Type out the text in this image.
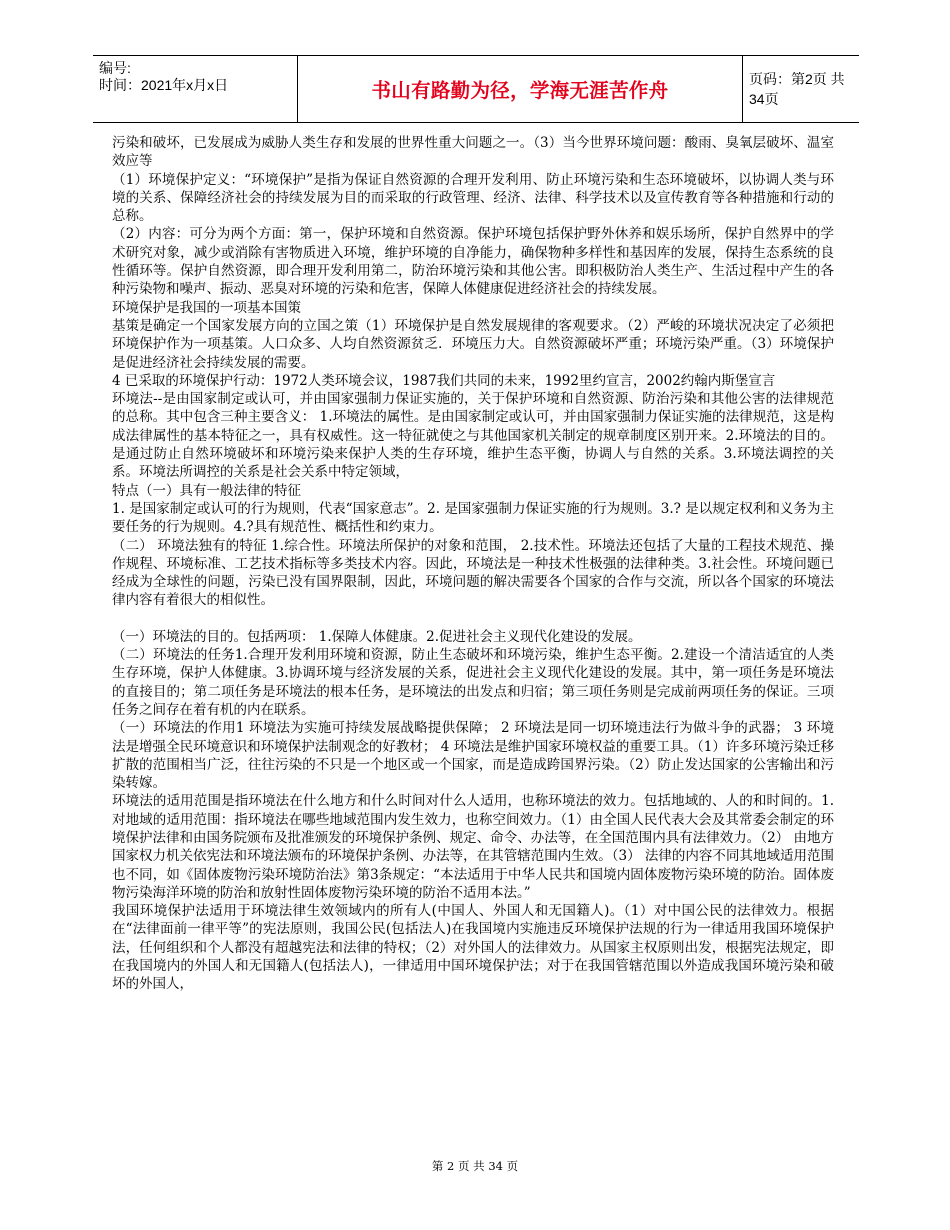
编号:
时间：2021年x月x日	书山有路勤为径，学海无涯苦作舟	页码：第2页 共34页

污染和破坏，已发展成为威胁人类生存和发展的世界性重大问题之一。（3）当今世界环境问题：酸雨、臭氧层破坏、温室效应等

（1）环境保护定义：“环境保护”是指为保证自然资源的合理开发利用、防止环境污染和生态环境破坏，以协调人类与环境的关系、保障经济社会的持续发展为目的而采取的行政管理、经济、法律、科学技术以及宣传教育等各种措施和行动的总称。

（2）内容：可分为两个方面：第一，保护环境和自然资源。保护环境包括保护野外休养和娱乐场所，保护自然界中的学术研究对象，减少或消除有害物质进入环境，维护环境的自净能力，确保物种多样性和基因库的发展，保持生态系统的良性循环等。保护自然资源，即合理开发利用第二，防治环境污染和其他公害。即积极防治人类生产、生活过程中产生的各种污染物和噪声、振动、恶臭对环境的污染和危害，保障人体健康促进经济社会的持续发展。

环境保护是我国的一项基本国策

基策是确定一个国家发展方向的立国之策（1）环境保护是自然发展规律的客观要求。（2）严峻的环境状况决定了必须把环境保护作为一项基策。人口众多、人均自然资源贫乏．环境压力大。自然资源破坏严重；环境污染严重。（3）环境保护是促进经济社会持续发展的需要。

4 已采取的环境保护行动：1972人类环境会议，1987我们共同的未来，1992里约宣言，2002约翰内斯堡宣言

环境法--是由国家制定或认可，并由国家强制力保证实施的，关于保护环境和自然资源、防治污染和其他公害的法律规范的总称。其中包含三种主要含义： 1.环境法的属性。是由国家制定或认可，并由国家强制力保证实施的法律规范，这是构成法律属性的基本特征之一，具有权威性。这一特征就使之与其他国家机关制定的规章制度区别开来。2.环境法的目的。是通过防止自然环境破坏和环境污染来保护人类的生存环境，维护生态平衡，协调人与自然的关系。3.环境法调控的关系。环境法所调控的关系是社会关系中特定领域，

特点（一）具有一般法律的特征

1. 是国家制定或认可的行为规则，代表“国家意志”。2. 是国家强制力保证实施的行为规则。3.? 是以规定权利和义务为主要任务的行为规则。4.?具有规范性、概括性和约束力。

（二） 环境法独有的特征 1.综合性。环境法所保护的对象和范围， 2.技术性。环境法还包括了大量的工程技术规范、操作规程、环境标准、工艺技术指标等多类技术内容。因此，环境法是一种技术性极强的法律种类。3.社会性。环境问题已经成为全球性的问题，污染已没有国界限制，因此，环境问题的解决需要各个国家的合作与交流，所以各个国家的环境法律内容有着很大的相似性。

（一）环境法的目的。包括两项： 1.保障人体健康。2.促进社会主义现代化建设的发展。

（二）环境法的任务1.合理开发利用环境和资源，防止生态破坏和环境污染，维护生态平衡。2.建设一个清洁适宜的人类生存环境，保护人体健康。3.协调环境与经济发展的关系，促进社会主义现代化建设的发展。其中，第一项任务是环境法的直接目的；第二项任务是环境法的根本任务，是环境法的出发点和归宿；第三项任务则是完成前两项任务的保证。三项任务之间存在着有机的内在联系。

（一）环境法的作用1 环境法为实施可持续发展战略提供保障； 2 环境法是同一切环境违法行为做斗争的武器； 3 环境法是增强全民环境意识和环境保护法制观念的好教材； 4 环境法是维护国家环境权益的重要工具。（1）许多环境污染迁移扩散的范围相当广泛，往往污染的不只是一个地区或一个国家，而是造成跨国界污染。（2）防止发达国家的公害输出和污染转嫁。

环境法的适用范围是指环境法在什么地方和什么时间对什么人适用，也称环境法的效力。包括地域的、人的和时间的。1.对地域的适用范围：指环境法在哪些地域范围内发生效力，也称空间效力。（1）由全国人民代表大会及其常委会制定的环境保护法律和由国务院颁布及批准颁发的环境保护条例、规定、命令、办法等，在全国范围内具有法律效力。（2） 由地方国家权力机关依宪法和环境法颁布的环境保护条例、办法等，在其管辖范围内生效。（3） 法律的内容不同其地域适用范围也不同，如《固体废物污染环境防治法》第3条规定：“本法适用于中华人民共和国境内固体废物污染环境的防治。固体废物污染海洋环境的防治和放射性固体废物污染环境的防治不适用本法。”

我国环境保护法适用于环境法律生效领域内的所有人(中国人、外国人和无国籍人)。（1）对中国公民的法律效力。根据在“法律面前一律平等”的宪法原则，我国公民(包括法人)在我国境内实施违反环境保护法规的行为一律适用我国环境保护法，任何组织和个人都没有超越宪法和法律的特权；（2）对外国人的法律效力。从国家主权原则出发，根据宪法规定，即在我国境内的外国人和无国籍人(包括法人)，一律适用中国环境保护法；对于在我国管辖范围以外造成我国环境污染和破坏的外国人，

第 2 页 共 34 页
